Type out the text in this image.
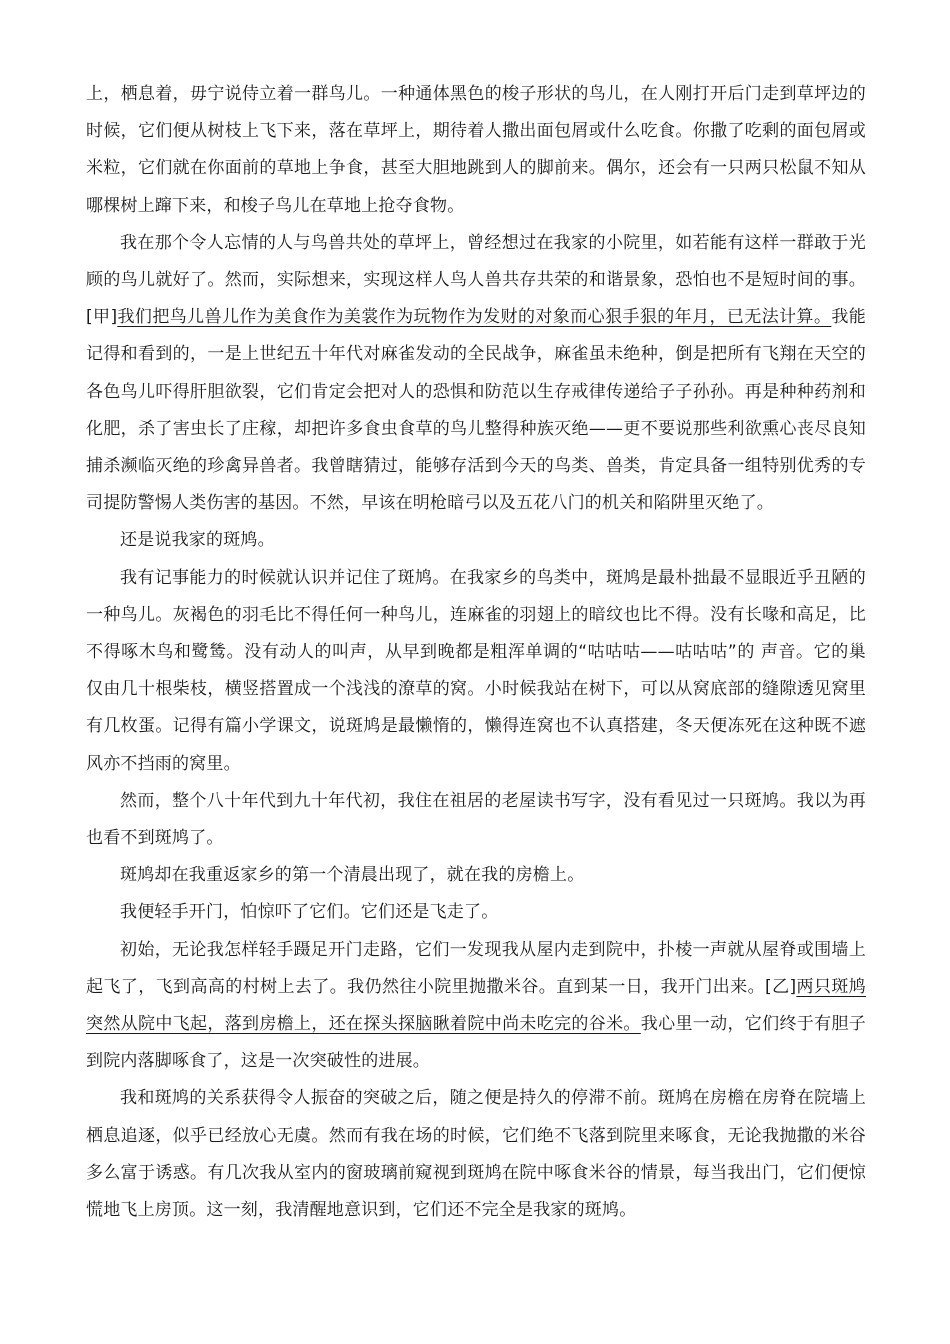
上，栖息着，毋宁说侍立着一群鸟儿。一种通体黑色的梭子形状的鸟儿，在人刚打开后门走到草坪边的时候，它们便从树枝上飞下来，落在草坪上，期待着人撒出面包屑或什么吃食。你撒了吃剩的面包屑或米粒，它们就在你面前的草地上争食，甚至大胆地跳到人的脚前来。偶尔，还会有一只两只松鼠不知从哪棵树上蹿下来，和梭子鸟儿在草地上抢夺食物。

我在那个令人忘情的人与鸟兽共处的草坪上，曾经想过在我家的小院里，如若能有这样一群敢于光顾的鸟儿就好了。然而，实际想来，实现这样人鸟人兽共存共荣的和谐景象，恐怕也不是短时间的事。[甲]我们把鸟儿兽儿作为美食作为美裳作为玩物作为发财的对象而心狠手狠的年月，已无法计算。我能记得和看到的，一是上世纪五十年代对麻雀发动的全民战争，麻雀虽未绝种，倒是把所有飞翔在天空的各色鸟儿吓得肝胆欲裂，它们肯定会把对人的恐惧和防范以生存戒律传递给子子孙孙。再是种种药剂和化肥，杀了害虫长了庄稼，却把许多食虫食草的鸟儿整得种族灭绝——更不要说那些利欲熏心丧尽良知捕杀濒临灭绝的珍禽异兽者。我曾瞎猜过，能够存活到今天的鸟类、兽类，肯定具备一组特别优秀的专司提防警惕人类伤害的基因。不然，早该在明枪暗弓以及五花八门的机关和陷阱里灭绝了。

还是说我家的斑鸠。

我有记事能力的时候就认识并记住了斑鸠。在我家乡的鸟类中，斑鸠是最朴拙最不显眼近乎丑陋的一种鸟儿。灰褐色的羽毛比不得任何一种鸟儿，连麻雀的羽翅上的暗纹也比不得。没有长喙和高足，比不得啄木鸟和鹭鸶。没有动人的叫声，从早到晚都是粗浑单调的“咕咕咕——咕咕咕”的 声音。它的巢仅由几十根柴枝，横竖搭置成一个浅浅的潦草的窝。小时候我站在树下，可以从窝底部的缝隙透见窝里有几枚蛋。记得有篇小学课文，说斑鸠是最懒惰的，懒得连窝也不认真搭建，冬天便冻死在这种既不遮风亦不挡雨的窝里。

然而，整个八十年代到九十年代初，我住在祖居的老屋读书写字，没有看见过一只斑鸠。我以为再也看不到斑鸠了。

斑鸠却在我重返家乡的第一个清晨出现了，就在我的房檐上。

我便轻手开门，怕惊吓了它们。它们还是飞走了。

初始，无论我怎样轻手蹑足开门走路，它们一发现我从屋内走到院中，扑棱一声就从屋脊或围墙上起飞了，飞到高高的村树上去了。我仍然往小院里抛撒米谷。直到某一日，我开门出来。[乙]两只斑鸠突然从院中飞起，落到房檐上，还在探头探脑瞅着院中尚未吃完的谷米。我心里一动，它们终于有胆子到院内落脚啄食了，这是一次突破性的进展。

我和斑鸠的关系获得令人振奋的突破之后，随之便是持久的停滞不前。斑鸠在房檐在房脊在院墙上栖息追逐，似乎已经放心无虞。然而有我在场的时候，它们绝不飞落到院里来啄食，无论我抛撒的米谷多么富于诱惑。有几次我从室内的窗玻璃前窥视到斑鸠在院中啄食米谷的情景，每当我出门，它们便惊慌地飞上房顶。这一刻，我清醒地意识到，它们还不完全是我家的斑鸠。
